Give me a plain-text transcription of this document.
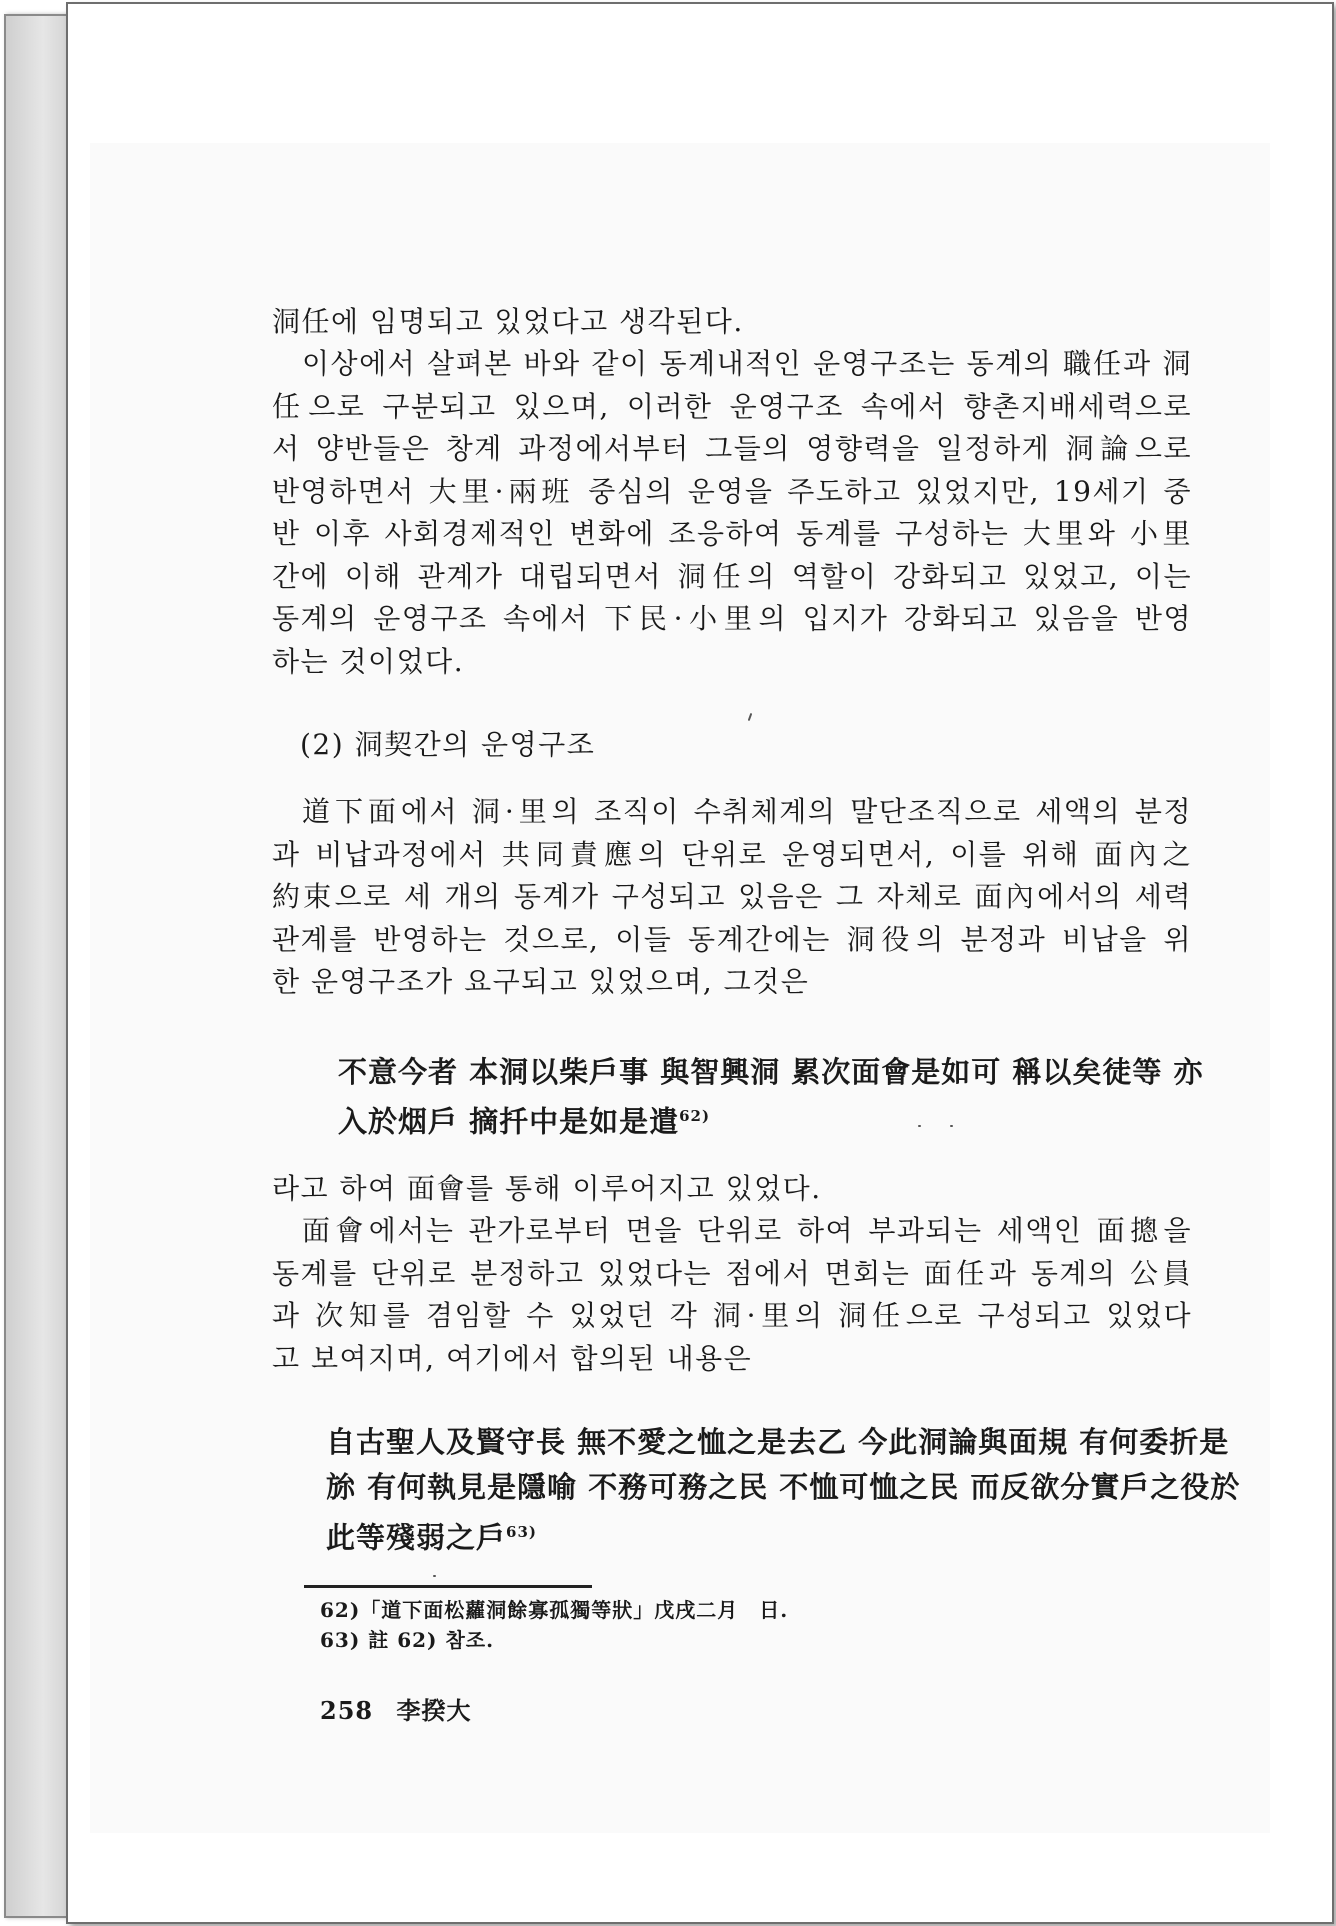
洞任에 임명되고 있었다고 생각된다.

이상에서 살펴본 바와 같이 동계내적인 운영구조는 동계의 職任과 洞

任으로 구분되고 있으며, 이러한 운영구조 속에서 향촌지배세력으로

서 양반들은 창계 과정에서부터 그들의 영향력을 일정하게 洞論으로

반영하면서 大里·兩班 중심의 운영을 주도하고 있었지만, 19세기 중

반 이후 사회경제적인 변화에 조응하여 동계를 구성하는 大里와 小里

간에 이해 관계가 대립되면서 洞任의 역할이 강화되고 있었고, 이는

동계의 운영구조 속에서 下民·小里의 입지가 강화되고 있음을 반영

하는 것이었다.

(2) 洞契간의 운영구조

道下面에서 洞·里의 조직이 수취체계의 말단조직으로 세액의 분정

과 비납과정에서 共同責應의 단위로 운영되면서, 이를 위해 面內之

約束으로 세 개의 동계가 구성되고 있음은 그 자체로 面內에서의 세력

관계를 반영하는 것으로, 이들 동계간에는 洞役의 분정과 비납을 위

한 운영구조가 요구되고 있었으며, 그것은

不意今者 本洞以柴戶事 與智興洞 累次面會是如可 稱以矣徒等 亦

入於烟戶 摘扦中是如是遣$^{62)}$

라고 하여 面會를 통해 이루어지고 있었다.

面會에서는 관가로부터 면을 단위로 하여 부과되는 세액인 面摠을

동계를 단위로 분정하고 있었다는 점에서 면회는 面任과 동계의 公員

과 次知를 겸임할 수 있었던 각 洞·里의 洞任으로 구성되고 있었다

고 보여지며, 여기에서 합의된 내용은

自古聖人及賢守長 無不愛之恤之是去乙 今此洞論與面規 有何委折是

旀 有何執見是隱喻 不務可務之民 不恤可恤之民 而反欲分實戶之役於

此等殘弱之戶$^{63)}$

62)「道下面松蘿洞餘寡孤獨等狀」戊戌二月　日.
63) 註 62) 참조.
258 李揆大
